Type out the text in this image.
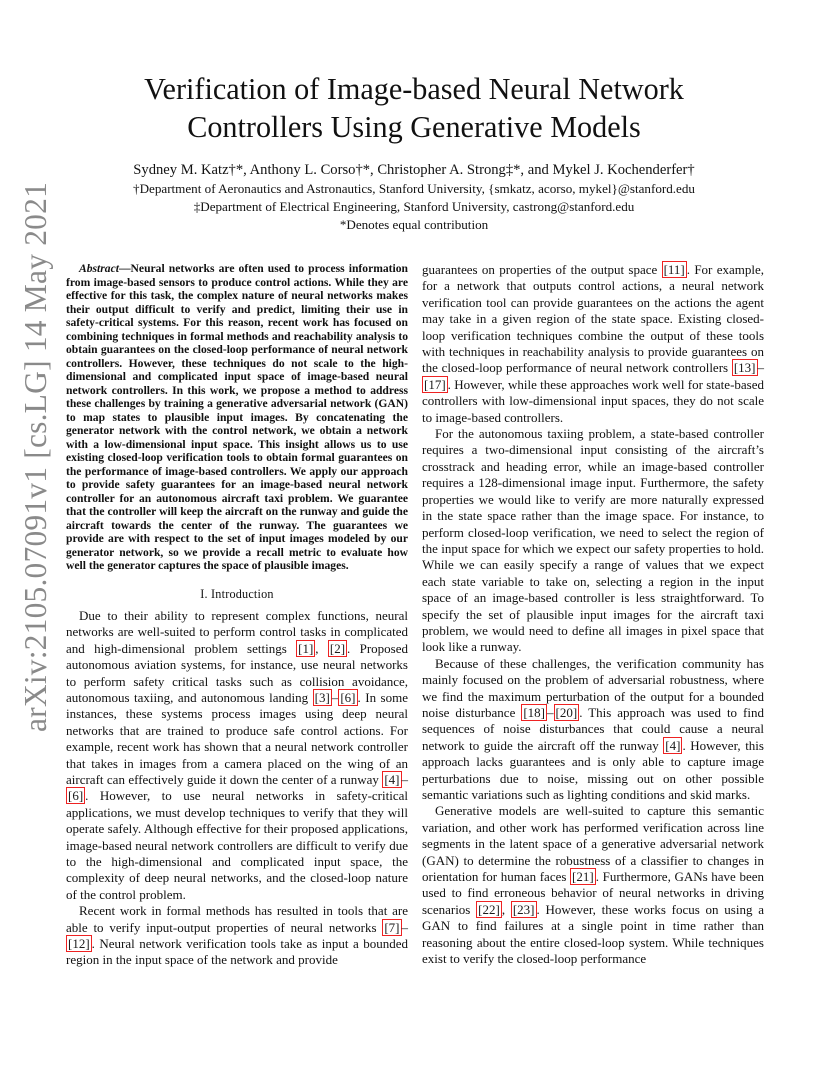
arXiv:2105.07091v1 [cs.LG] 14 May 2021
Verification of Image-based Neural Network
Controllers Using Generative Models
Sydney M. Katz†*, Anthony L. Corso†*, Christopher A. Strong‡*, and Mykel J. Kochenderfer†
†Department of Aeronautics and Astronautics, Stanford University, {smkatz, acorso, mykel}@stanford.edu
‡Department of Electrical Engineering, Stanford University, castrong@stanford.edu
*Denotes equal contribution

Abstract—Neural networks are often used to process information from image-based sensors to produce control actions. While they are effective for this task, the complex nature of neural networks makes their output difficult to verify and predict, limiting their use in safety-critical systems. For this reason, recent work has focused on combining techniques in formal methods and reachability analysis to obtain guarantees on the closed-loop performance of neural network controllers. However, these techniques do not scale to the high-dimensional and complicated input space of image-based neural network controllers. In this work, we propose a method to address these challenges by training a generative adversarial network (GAN) to map states to plausible input images. By concatenating the generator network with the control network, we obtain a network with a low-dimensional input space. This insight allows us to use existing closed-loop verification tools to obtain formal guarantees on the performance of image-based controllers. We apply our approach to provide safety guarantees for an image-based neural network controller for an autonomous aircraft taxi problem. We guarantee that the controller will keep the aircraft on the runway and guide the aircraft towards the center of the runway. The guarantees we provide are with respect to the set of input images modeled by our generator network, so we provide a recall metric to evaluate how well the generator captures the space of plausible images.

I. Introduction

Due to their ability to represent complex functions, neural networks are well-suited to perform control tasks in complicated and high-dimensional problem settings [1] , [2] . Proposed autonomous aviation systems, for instance, use neural networks to perform safety critical tasks such as collision avoidance, autonomous taxiing, and autonomous landing [3] – [6] . In some instances, these systems process images using deep neural networks that are trained to produce safe control actions. For example, recent work has shown that a neural network controller that takes in images from a camera placed on the wing of an aircraft can effectively guide it down the center of a runway [4] –[6] . However, to use neural networks in safety-critical applications, we must develop techniques to verify that they will operate safely. Although effective for their proposed applications, image-based neural network controllers are difficult to verify due to the high-dimensional and complicated input space, the complexity of deep neural networks, and the closed-loop nature of the control problem.

Recent work in formal methods has resulted in tools that are able to verify input-output properties of neural networks [7] –[12] . Neural network verification tools take as input a bounded region in the input space of the network and provide

guarantees on properties of the output space [11] . For example, for a network that outputs control actions, a neural network verification tool can provide guarantees on the actions the agent may take in a given region of the state space. Existing closed-loop verification techniques combine the output of these tools with techniques in reachability analysis to provide guarantees on the closed-loop performance of neural network controllers [13] –[17] . However, while these approaches work well for state-based controllers with low-dimensional input spaces, they do not scale to image-based controllers.

For the autonomous taxiing problem, a state-based controller requires a two-dimensional input consisting of the aircraft’s crosstrack and heading error, while an image-based controller requires a 128-dimensional image input. Furthermore, the safety properties we would like to verify are more naturally expressed in the state space rather than the image space. For instance, to perform closed-loop verification, we need to select the region of the input space for which we expect our safety properties to hold. While we can easily specify a range of values that we expect each state variable to take on, selecting a region in the input space of an image-based controller is less straightforward. To specify the set of plausible input images for the aircraft taxi problem, we would need to define all images in pixel space that look like a runway.

Because of these challenges, the verification community has mainly focused on the problem of adversarial robustness, where we find the maximum perturbation of the output for a bounded noise disturbance [18] – [20] . This approach was used to find sequences of noise disturbances that could cause a neural network to guide the aircraft off the runway [4] . However, this approach lacks guarantees and is only able to capture image perturbations due to noise, missing out on other possible semantic variations such as lighting conditions and skid marks.

Generative models are well-suited to capture this semantic variation, and other work has performed verification across line segments in the latent space of a generative adversarial network (GAN) to determine the robustness of a classifier to changes in orientation for human faces [21] . Furthermore, GANs have been used to find erroneous behavior of neural networks in driving scenarios [22] , [23] . However, these works focus on using a GAN to find failures at a single point in time rather than reasoning about the entire closed-loop system. While techniques exist to verify the closed-loop performance
